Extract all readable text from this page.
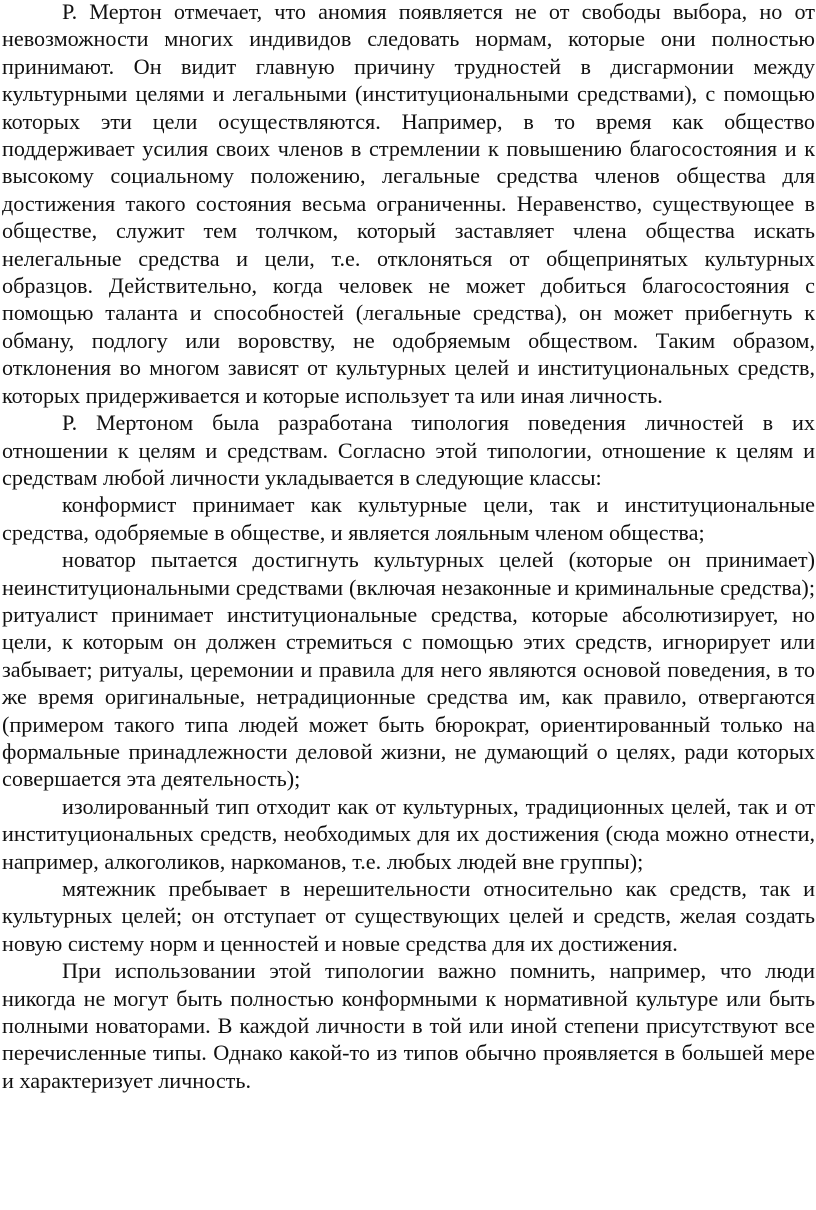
Р. Мертон отмечает, что аномия появляется не от свободы выбора, но от невозможности многих индивидов следовать нормам, которые они полностью принимают. Он видит главную причину трудностей в дисгармонии между культурными целями и легальными (институциональными средствами), с помощью которых эти цели осуществляются. Например, в то время как общество поддерживает усилия своих членов в стремлении к повышению благосостояния и к высокому социальному положению, легальные средства членов общества для достижения такого состояния весьма ограниченны. Неравенство, существующее в обществе, служит тем толчком, который заставляет члена общества искать нелегальные средства и цели, т.е. отклоняться от общепринятых культурных образцов. Действительно, когда человек не может добиться благосостояния с помощью таланта и способностей (легальные средства), он может прибегнуть к обману, подлогу или воровству, не одобряемым обществом. Таким образом, отклонения во многом зависят от культурных целей и институциональных средств, которых придерживается и которые использует та или иная личность.

Р. Мертоном была разработана типология поведения личностей в их отношении к целям и средствам. Согласно этой типологии, отношение к целям и средствам любой личности укладывается в следующие классы:

конформист принимает как культурные цели, так и институциональные средства, одобряемые в обществе, и является лояльным членом общества;

новатор пытается достигнуть культурных целей (которые он принимает) неинституциональными средствами (включая незаконные и криминальные средства); ритуалист принимает институциональные средства, которые абсолютизирует, но цели, к которым он должен стремиться с помощью этих средств, игнорирует или забывает; ритуалы, церемонии и правила для него являются основой поведения, в то же время оригинальные, нетрадиционные средства им, как правило, отвергаются (примером такого типа людей может быть бюрократ, ориентированный только на формальные принадлежности деловой жизни, не думающий о целях, ради которых совершается эта деятельность);

изолированный тип отходит как от культурных, традиционных целей, так и от институциональных средств, необходимых для их достижения (сюда можно отнести, например, алкоголиков, наркоманов, т.е. любых людей вне группы);

мятежник пребывает в нерешительности относительно как средств, так и культурных целей; он отступает от существующих целей и средств, желая создать новую систему норм и ценностей и новые средства для их достижения.

При использовании этой типологии важно помнить, например, что люди никогда не могут быть полностью конформными к нормативной культуре или быть полными новаторами. В каждой личности в той или иной степени присутствуют все перечисленные типы. Однако какой-то из типов обычно проявляется в большей мере и характеризует личность.
